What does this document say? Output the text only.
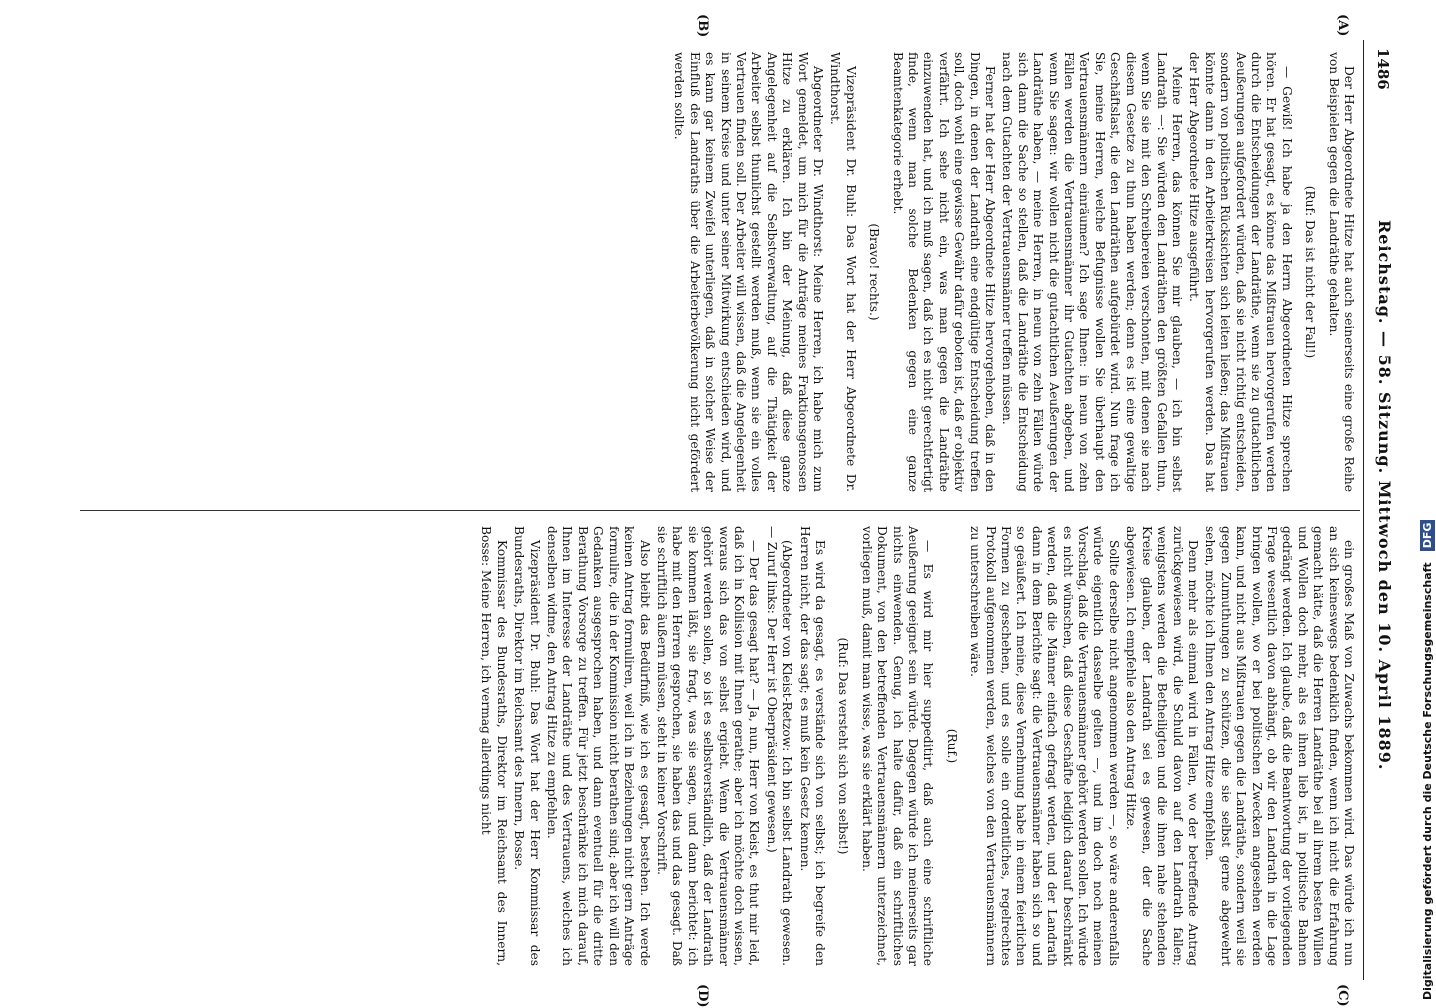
1486
Reichstag. — 58. Sitzung. Mittwoch den 10. April 1889.
(A)
(B)
(C)
(D)

Der Herr Abgeordnete Hitze hat auch seinerseits eine große Reihe von Beispielen gegen die Landräthe gehalten.

(Ruf: Das ist nicht der Fall!)

— Gewiß! Ich habe ja den Herrn Abgeordneten Hitze sprechen hören. Er hat gesagt, es könne das Mißtrauen hervorgerufen werden durch die Entscheidungen der Landräthe, wenn sie zu gutachtlichen Aeußerungen aufgefordert würden, daß sie nicht richtig entscheiden, sondern von politischen Rücksichten sich leiten ließen; das Mißtrauen könnte dann in den Arbeiterkreisen hervorgerufen werden. Das hat der Herr Abgeordnete Hitze ausgeführt.

Meine Herren, das können Sie mir glauben, — ich bin selbst Landrath —: Sie würden den Landräthen den größten Gefallen thun, wenn Sie sie mit den Schreibereien verschonten, mit denen sie nach diesem Gesetze zu thun haben werden; denn es ist eine gewaltige Geschäftslast, die den Landräthen aufgebürdet wird. Nun frage ich Sie, meine Herren, welche Befugnisse wollen Sie überhaupt den Vertrauensmännern einräumen? Ich sage Ihnen: in neun von zehn Fällen werden die Vertrauensmänner ihr Gutachten abgeben, und wenn Sie sagen: wir wollen nicht die gutachtlichen Aeußerungen der Landräthe haben, — meine Herren, in neun von zehn Fällen würde sich dann die Sache so stellen, daß die Landräthe die Entscheidung nach dem Gutachten der Vertrauensmänner treffen müssen.

Ferner hat der Herr Abgeordnete Hitze hervorgehoben, daß in den Dingen, in denen der Landrath eine endgültige Entscheidung treffen soll, doch wohl eine gewisse Gewähr dafür geboten ist, daß er objektiv verfährt. Ich sehe nicht ein, was man gegen die Landräthe einzuwenden hat, und ich muß sagen, daß ich es nicht gerechtfertigt finde, wenn man solche Bedenken gegen eine ganze Beamtenkategorie erhebt.

(Bravo! rechts.)

Vizepräsident Dr. Buhl: Das Wort hat der Herr Abgeordnete Dr. Windthorst.

Abgeordneter Dr. Windthorst: Meine Herren, ich habe mich zum Wort gemeldet, um mich für die Anträge meines Fraktionsgenossen Hitze zu erklären. Ich bin der Meinung, daß diese ganze Angelegenheit auf die Selbstverwaltung, auf die Thätigkeit der Arbeiter selbst thunlichst gestellt werden muß, wenn sie ein volles Vertrauen finden soll. Der Arbeiter will wissen, daß die Angelegenheit in seinem Kreise und unter seiner Mitwirkung entschieden wird, und es kann gar keinem Zweifel unterliegen, daß in solcher Weise der Einfluß des Landraths über die Arbeiterbevölkerung nicht gefördert werden sollte.

ein großes Maß von Zuwachs bekommen wird. Das würde ich nun an sich keineswegs bedenklich finden, wenn ich nicht die Erfahrung gemacht hätte, daß die Herren Landräthe bei all ihrem besten Willen und Wollen doch mehr, als es ihnen lieb ist, in politische Bahnen gedrängt werden. Ich glaube, daß die Beantwortung der vorliegenden Frage wesentlich davon abhängt, ob wir den Landrath in die Lage bringen wollen, wo er bei politischen Zwecken angesehen werden kann, und nicht aus Mißtrauen gegen die Landräthe, sondern weil sie gegen Zumuthungen zu schützen, die sie selbst gerne abgewehrt sehen, möchte ich Ihnen den Antrag Hitze empfehlen.

Denn mehr als einmal wird in Fällen, wo der betreffende Antrag zurückgewiesen wird, die Schuld davon auf den Landrath fallen; wenigstens werden die Betheiligten und die ihnen nahe stehenden Kreise glauben, der Landrath sei es gewesen, der die Sache abgewiesen. Ich empfehle also den Antrag Hitze.

Sollte derselbe nicht angenommen werden —, so wäre anderenfalls würde eigentlich dasselbe gelten —, und im doch noch meinen Vorschlag, daß die Vertrauensmänner gehört werden sollen. Ich würde es nicht wünschen, daß diese Geschäfte lediglich darauf beschränkt werden, daß die Männer einfach gefragt werden, und der Landrath dann in dem Berichte sagt: die Vertrauensmänner haben sich so und so geäußert. Ich meine, diese Vernehmung habe in einem feierlichen Formen zu geschehen, und es solle ein ordentliches, regelrechtes Protokoll aufgenommen werden, welches von den Vertrauensmännern zu unterschreiben wäre.

(Ruf.)

— Es wird mir hier suppeditirt, daß auch eine schriftliche Aeußerung geeignet sein würde. Dagegen würde ich meinerseits gar nichts einwenden. Genug, ich halte dafür, daß ein schriftliches Dokument, von den betreffenden Vertrauensmännern unterzeichnet, vorliegen muß, damit man wisse, was sie erklärt haben.

(Ruf: Das versteht sich von selbst!)

Es wird da gesagt, es verstände sich von selbst; ich begreife den Herren nicht, der das sagt; es muß kein Gesetz kennen.

(Abgeordneter von Kleist-Retzow: Ich bin selbst Landrath gewesen. — Zuruf links: Der Herr ist Oberpräsident gewesen.)

— Der das gesagt hat? — Ja, nun, Herr von Kleist, es thut mir leid, daß ich in Kollision mit Ihnen gerathe; aber ich möchte doch wissen, woraus sich das von selbst ergiebt. Wenn die Vertrauensmänner gehört werden sollen, so ist es selbstverständlich, daß der Landrath sie kommen läßt, sie fragt, was sie sagen, und dann berichtet: ich habe mit den Herren gesprochen, sie haben das und das gesagt. Daß sie schriftlich äußern müssen, steht in keiner Vorschrift.

Also bleibt das Bedürfniß, wie ich es gesagt, bestehen. Ich werde keinen Antrag formuliren, weil ich in Beziehungen nicht gern Anträge formulire, die in der Kommission nicht berathen sind; aber ich will den Gedanken ausgesprochen haben, und dann eventuell für die dritte Berathung Vorsorge zu treffen. Für jetzt beschränke ich mich darauf, Ihnen im Interesse der Landräthe und des Vertrauens, welches ich denselben widme, den Antrag Hitze zu empfehlen.

Vizepräsident Dr. Buhl: Das Wort hat der Herr Kommissar des Bundesraths, Direktor im Reichsamt des Innern, Bosse.

Kommissar des Bundesraths, Direktor im Reichsamt des Innern, Bosse: Meine Herren, ich vermag allerdings nicht	Digitalisierung gefördert durch die Deutsche Forschungsgemeinschaft DFG
